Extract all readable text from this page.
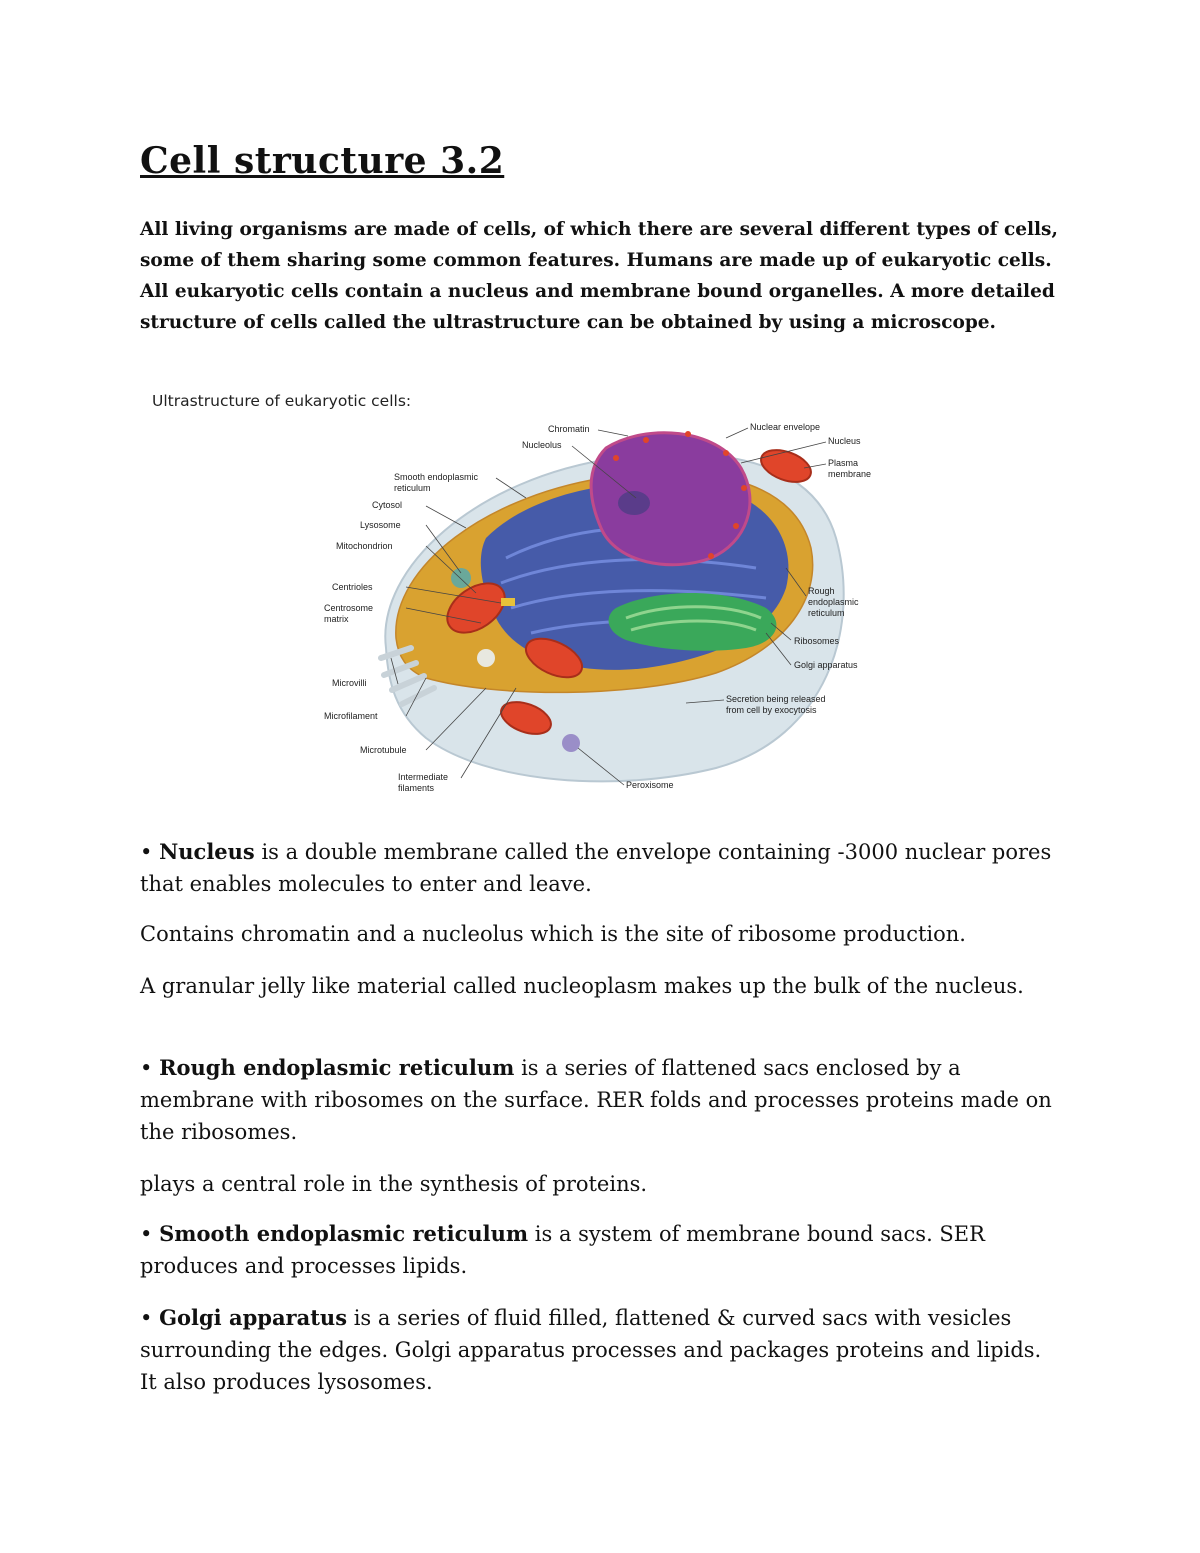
Cell structure 3.2

All living organisms are made of cells, of which there are several different types of cells, some of them sharing some common features. Humans are made up of eukaryotic cells. All eukaryotic cells contain a nucleus and membrane bound organelles. A more detailed structure of cells called the ultrastructure can be obtained by using a microscope.

Ultrastructure of eukaryotic cells:

Chromatin
Nucleolus
Nuclear envelope
Nucleus
Plasma
membrane
Smooth endoplasmic
reticulum
Cytosol
Lysosome
Mitochondrion
Centrioles
Centrosome
matrix
Microvilli
Microfilament
Microtubule
Intermediate
filaments
Rough
endoplasmic
reticulum
Ribosomes
Golgi apparatus
Secretion being released
from cell by exocytosis
Peroxisome

• Nucleus is a double membrane called the envelope containing -3000 nuclear pores that enables molecules to enter and leave.

Contains chromatin and a nucleolus which is the site of ribosome production.

A granular jelly like material called nucleoplasm makes up the bulk of the nucleus.

• Rough endoplasmic reticulum is a series of flattened sacs enclosed by a membrane with ribosomes on the surface. RER folds and processes proteins made on the ribosomes.

plays a central role in the synthesis of proteins.

• Smooth endoplasmic reticulum is a system of membrane bound sacs. SER produces and processes lipids.

• Golgi apparatus is a series of fluid filled, flattened & curved sacs with vesicles surrounding the edges. Golgi apparatus processes and packages proteins and lipids. It also produces lysosomes.
